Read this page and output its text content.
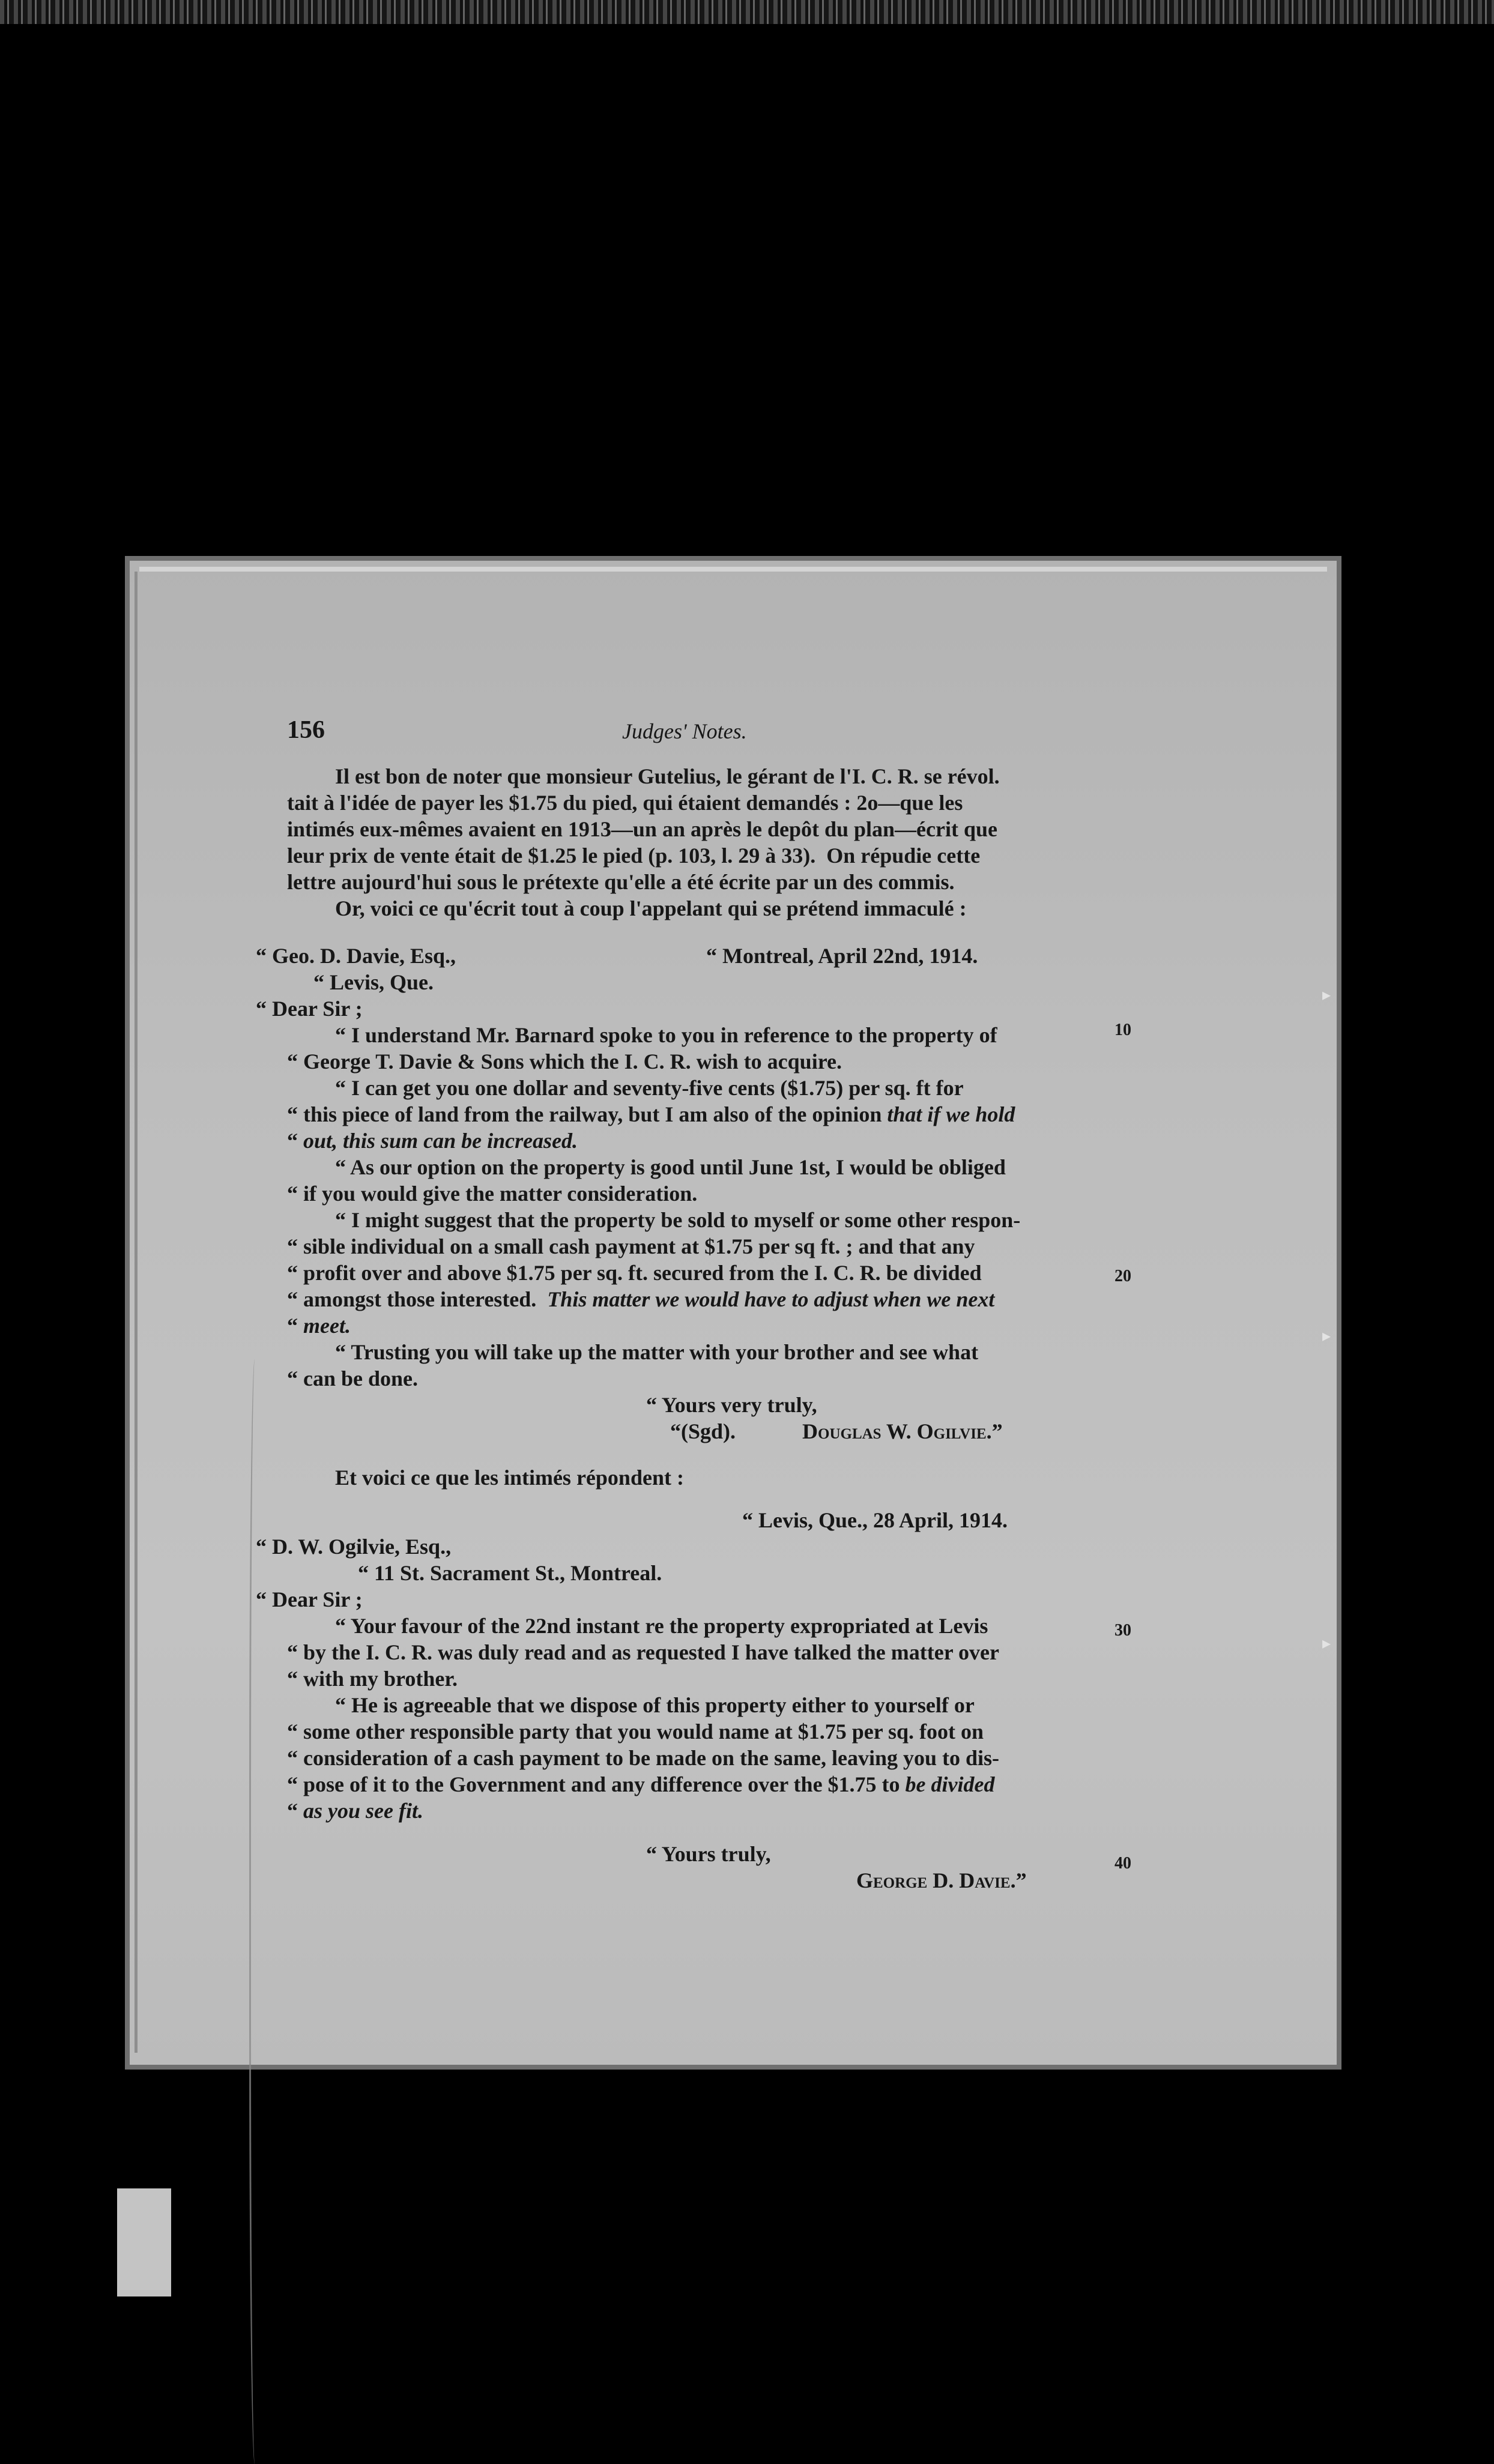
156	Judges' Notes.
Il est bon de noter que monsieur Gutelius, le gérant de l'I. C. R. se révol.
tait à l'idée de payer les $1.75 du pied, qui étaient demandés : 2o—que les
intimés eux-mêmes avaient en 1913—un an après le depôt du plan—écrit que
leur prix de vente était de $1.25 le pied (p. 103, l. 29 à 33).  On répudie cette
lettre aujourd'hui sous le prétexte qu'elle a été écrite par un des commis.
Or, voici ce qu'écrit tout à coup l'appelant qui se prétend immaculé :
“ Geo. D. Davie, Esq.,	“ Montreal, April 22nd, 1914.
“ Levis, Que.
“ Dear Sir ;
“ I understand Mr. Barnard spoke to you in reference to the property of
“ George T. Davie & Sons which the I. C. R. wish to acquire.
“ I can get you one dollar and seventy-five cents ($1.75) per sq. ft for
“ this piece of land from the railway, but I am also of the opinion that if we hold
“ out, this sum can be increased.
“ As our option on the property is good until June 1st, I would be obliged
“ if you would give the matter consideration.
“ I might suggest that the property be sold to myself or some other respon-
“ sible individual on a small cash payment at $1.75 per sq ft. ; and that any
“ profit over and above $1.75 per sq. ft. secured from the I. C. R. be divided
“ amongst those interested.  This matter we would have to adjust when we next
“ meet.
“ Trusting you will take up the matter with your brother and see what
“ can be done.
“ Yours very truly,
“(Sgd).	Douglas W. Ogilvie.”
Et voici ce que les intimés répondent :
“ Levis, Que., 28 April, 1914.
“ D. W. Ogilvie, Esq.,
“ 11 St. Sacrament St., Montreal.
“ Dear Sir ;
“ Your favour of the 22nd instant re the property expropriated at Levis
“ by the I. C. R. was duly read and as requested I have talked the matter over
“ with my brother.
“ He is agreeable that we dispose of this property either to yourself or
“ some other responsible party that you would name at $1.75 per sq. foot on
“ consideration of a cash payment to be made on the same, leaving you to dis-
“ pose of it to the Government and any difference over the $1.75 to be divided
“ as you see fit.
“ Yours truly,
George D. Davie.”
10
20
30
40
▸
▸
▸
